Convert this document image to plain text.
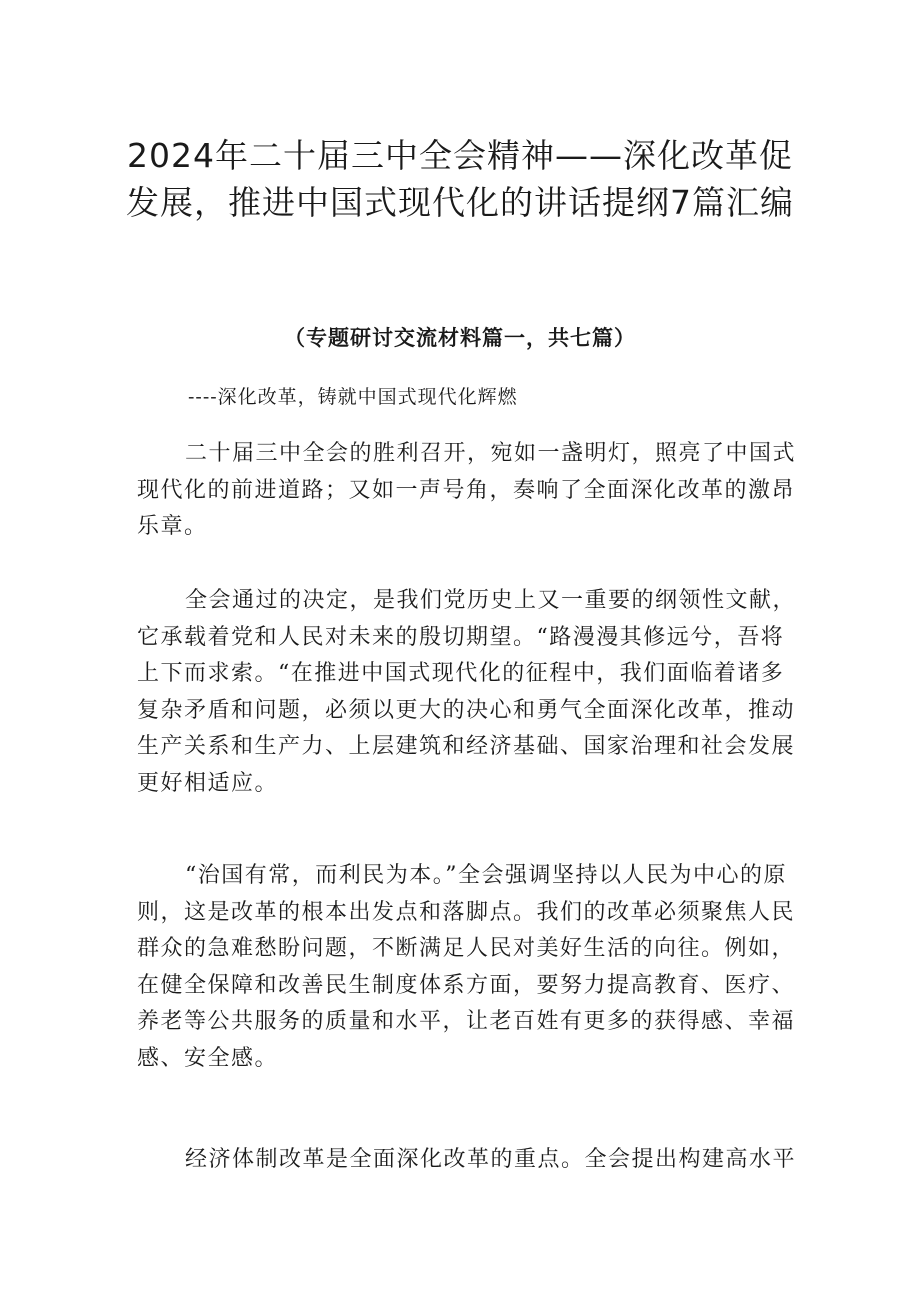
2024年二十届三中全会精神——深化改革促发展，推进中国式现代化的讲话提纲7篇汇编
（专题研讨交流材料篇一，共七篇）
----深化改革，铸就中国式现代化辉燃

二十届三中全会的胜利召开，宛如一盏明灯，照亮了中国式现代化的前进道路；又如一声号角，奏响了全面深化改革的激昂乐章。

全会通过的决定，是我们党历史上又一重要的纲领性文献，它承载着党和人民对未来的殷切期望。“路漫漫其修远兮，吾将上下而求索。“在推进中国式现代化的征程中，我们面临着诸多复杂矛盾和问题，必须以更大的决心和勇气全面深化改革，推动生产关系和生产力、上层建筑和经济基础、国家治理和社会发展更好相适应。

“治国有常，而利民为本。”全会强调坚持以人民为中心的原则，这是改革的根本出发点和落脚点。我们的改革必须聚焦人民群众的急难愁盼问题，不断满足人民对美好生活的向往。例如，在健全保障和改善民生制度体系方面，要努力提高教育、医疗、养老等公共服务的质量和水平，让老百姓有更多的获得感、幸福感、安全感。

经济体制改革是全面深化改革的重点。全会提出构建高水平
